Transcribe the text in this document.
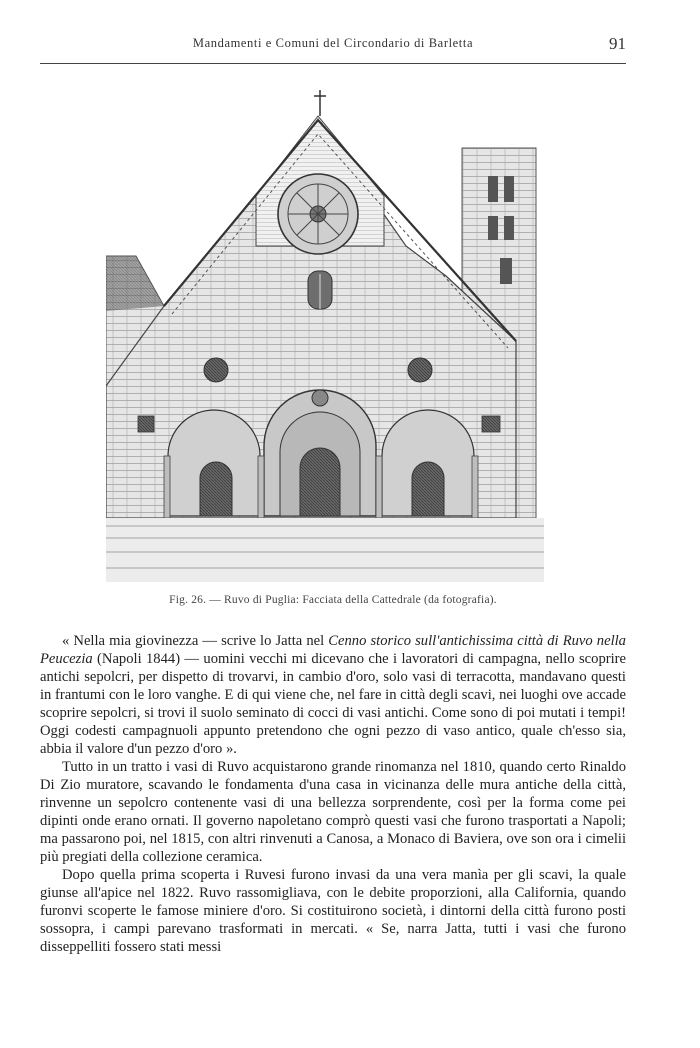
Mandamenti e Comuni del Circondario di Barletta	91
Fig. 26. — Ruvo di Puglia: Facciata della Cattedrale (da fotografia).

« Nella mia giovinezza — scrive lo Jatta nel Cenno storico sull'antichissima città di Ruvo nella Peucezia (Napoli 1844) — uomini vecchi mi dicevano che i lavoratori di campagna, nello scoprire antichi sepolcri, per dispetto di trovarvi, in cambio d'oro, solo vasi di terracotta, mandavano questi in frantumi con le loro vanghe. E di qui viene che, nel fare in città degli scavi, nei luoghi ove accade scoprire sepolcri, si trovi il suolo seminato di cocci di vasi antichi. Come sono di poi mutati i tempi! Oggi codesti campagnuoli appunto pretendono che ogni pezzo di vaso antico, quale ch'esso sia, abbia il valore d'un pezzo d'oro ».

Tutto in un tratto i vasi di Ruvo acquistarono grande rinomanza nel 1810, quando certo Rinaldo Di Zio muratore, scavando le fondamenta d'una casa in vicinanza delle mura antiche della città, rinvenne un sepolcro contenente vasi di una bellezza sorprendente, così per la forma come pei dipinti onde erano ornati. Il governo napoletano comprò questi vasi che furono trasportati a Napoli; ma passarono poi, nel 1815, con altri rinvenuti a Canosa, a Monaco di Baviera, ove son ora i cimelii più pregiati della collezione ceramica.

Dopo quella prima scoperta i Ruvesi furono invasi da una vera manìa per gli scavi, la quale giunse all'apice nel 1822. Ruvo rassomigliava, con le debite proporzioni, alla California, quando furonvi scoperte le famose miniere d'oro. Si costituirono società, i dintorni della città furono posti sossopra, i campi parevano trasformati in mercati. « Se, narra Jatta, tutti i vasi che furono disseppelliti fossero stati messi
